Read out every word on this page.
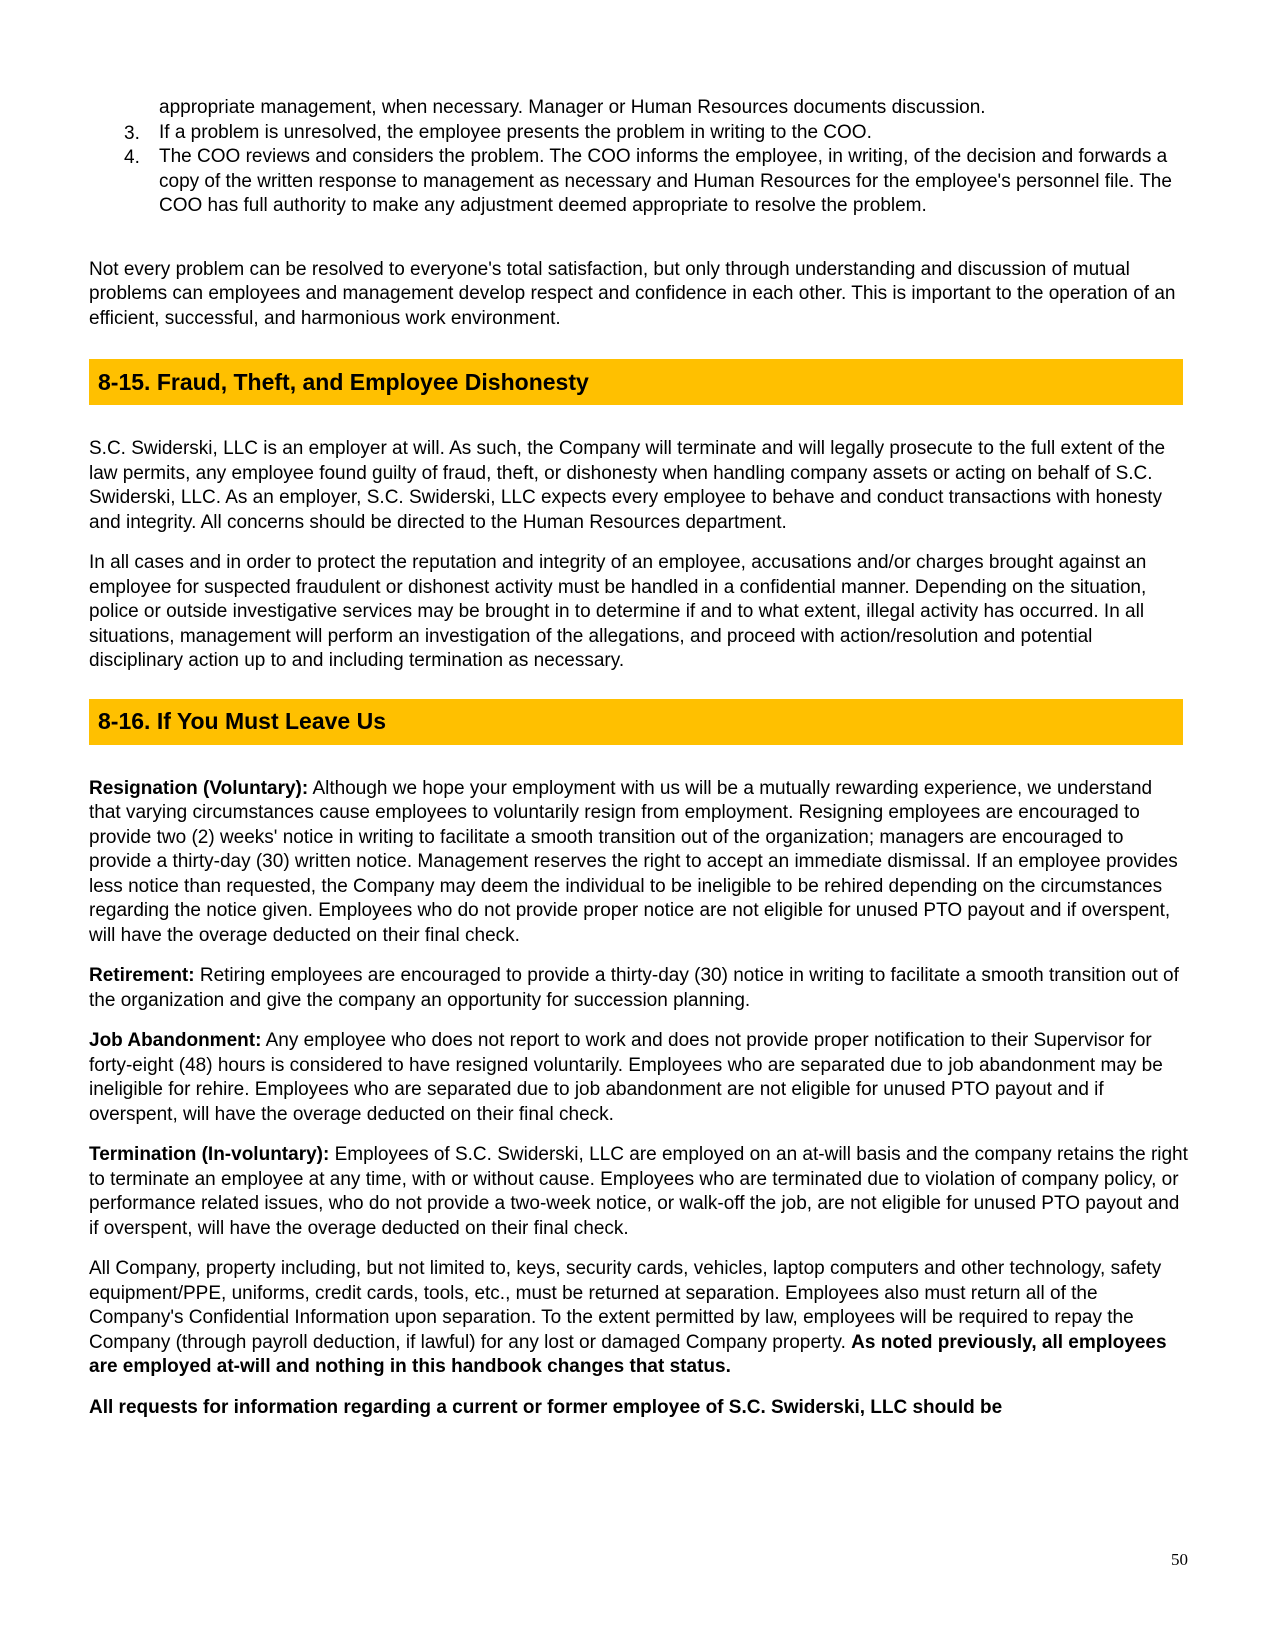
appropriate management, when necessary. Manager or Human Resources documents discussion.
3. If a problem is unresolved, the employee presents the problem in writing to the COO.
4. The COO reviews and considers the problem. The COO informs the employee, in writing, of the decision and forwards a copy of the written response to management as necessary and Human Resources for the employee's personnel file. The COO has full authority to make any adjustment deemed appropriate to resolve the problem.

Not every problem can be resolved to everyone's total satisfaction, but only through understanding and discussion of mutual problems can employees and management develop respect and confidence in each other. This is important to the operation of an efficient, successful, and harmonious work environment.

8-15. Fraud, Theft, and Employee Dishonesty

S.C. Swiderski, LLC is an employer at will. As such, the Company will terminate and will legally prosecute to the full extent of the law permits, any employee found guilty of fraud, theft, or dishonesty when handling company assets or acting on behalf of S.C. Swiderski, LLC. As an employer, S.C. Swiderski, LLC expects every employee to behave and conduct transactions with honesty and integrity. All concerns should be directed to the Human Resources department.

In all cases and in order to protect the reputation and integrity of an employee, accusations and/or charges brought against an employee for suspected fraudulent or dishonest activity must be handled in a confidential manner. Depending on the situation, police or outside investigative services may be brought in to determine if and to what extent, illegal activity has occurred. In all situations, management will perform an investigation of the allegations, and proceed with action/resolution and potential disciplinary action up to and including termination as necessary.

8-16. If You Must Leave Us

Resignation (Voluntary): Although we hope your employment with us will be a mutually rewarding experience, we understand that varying circumstances cause employees to voluntarily resign from employment. Resigning employees are encouraged to provide two (2) weeks' notice in writing to facilitate a smooth transition out of the organization; managers are encouraged to provide a thirty-day (30) written notice. Management reserves the right to accept an immediate dismissal. If an employee provides less notice than requested, the Company may deem the individual to be ineligible to be rehired depending on the circumstances regarding the notice given. Employees who do not provide proper notice are not eligible for unused PTO payout and if overspent, will have the overage deducted on their final check.

Retirement: Retiring employees are encouraged to provide a thirty-day (30) notice in writing to facilitate a smooth transition out of the organization and give the company an opportunity for succession planning.

Job Abandonment: Any employee who does not report to work and does not provide proper notification to their Supervisor for forty-eight (48) hours is considered to have resigned voluntarily. Employees who are separated due to job abandonment may be ineligible for rehire. Employees who are separated due to job abandonment are not eligible for unused PTO payout and if overspent, will have the overage deducted on their final check.

Termination (In-voluntary): Employees of S.C. Swiderski, LLC are employed on an at-will basis and the company retains the right to terminate an employee at any time, with or without cause. Employees who are terminated due to violation of company policy, or performance related issues, who do not provide a two-week notice, or walk-off the job, are not eligible for unused PTO payout and if overspent, will have the overage deducted on their final check.

All Company, property including, but not limited to, keys, security cards, vehicles, laptop computers and other technology, safety equipment/PPE, uniforms, credit cards, tools, etc., must be returned at separation. Employees also must return all of the Company's Confidential Information upon separation. To the extent permitted by law, employees will be required to repay the Company (through payroll deduction, if lawful) for any lost or damaged Company property. As noted previously, all employees are employed at-will and nothing in this handbook changes that status.

All requests for information regarding a current or former employee of S.C. Swiderski, LLC should be

50
